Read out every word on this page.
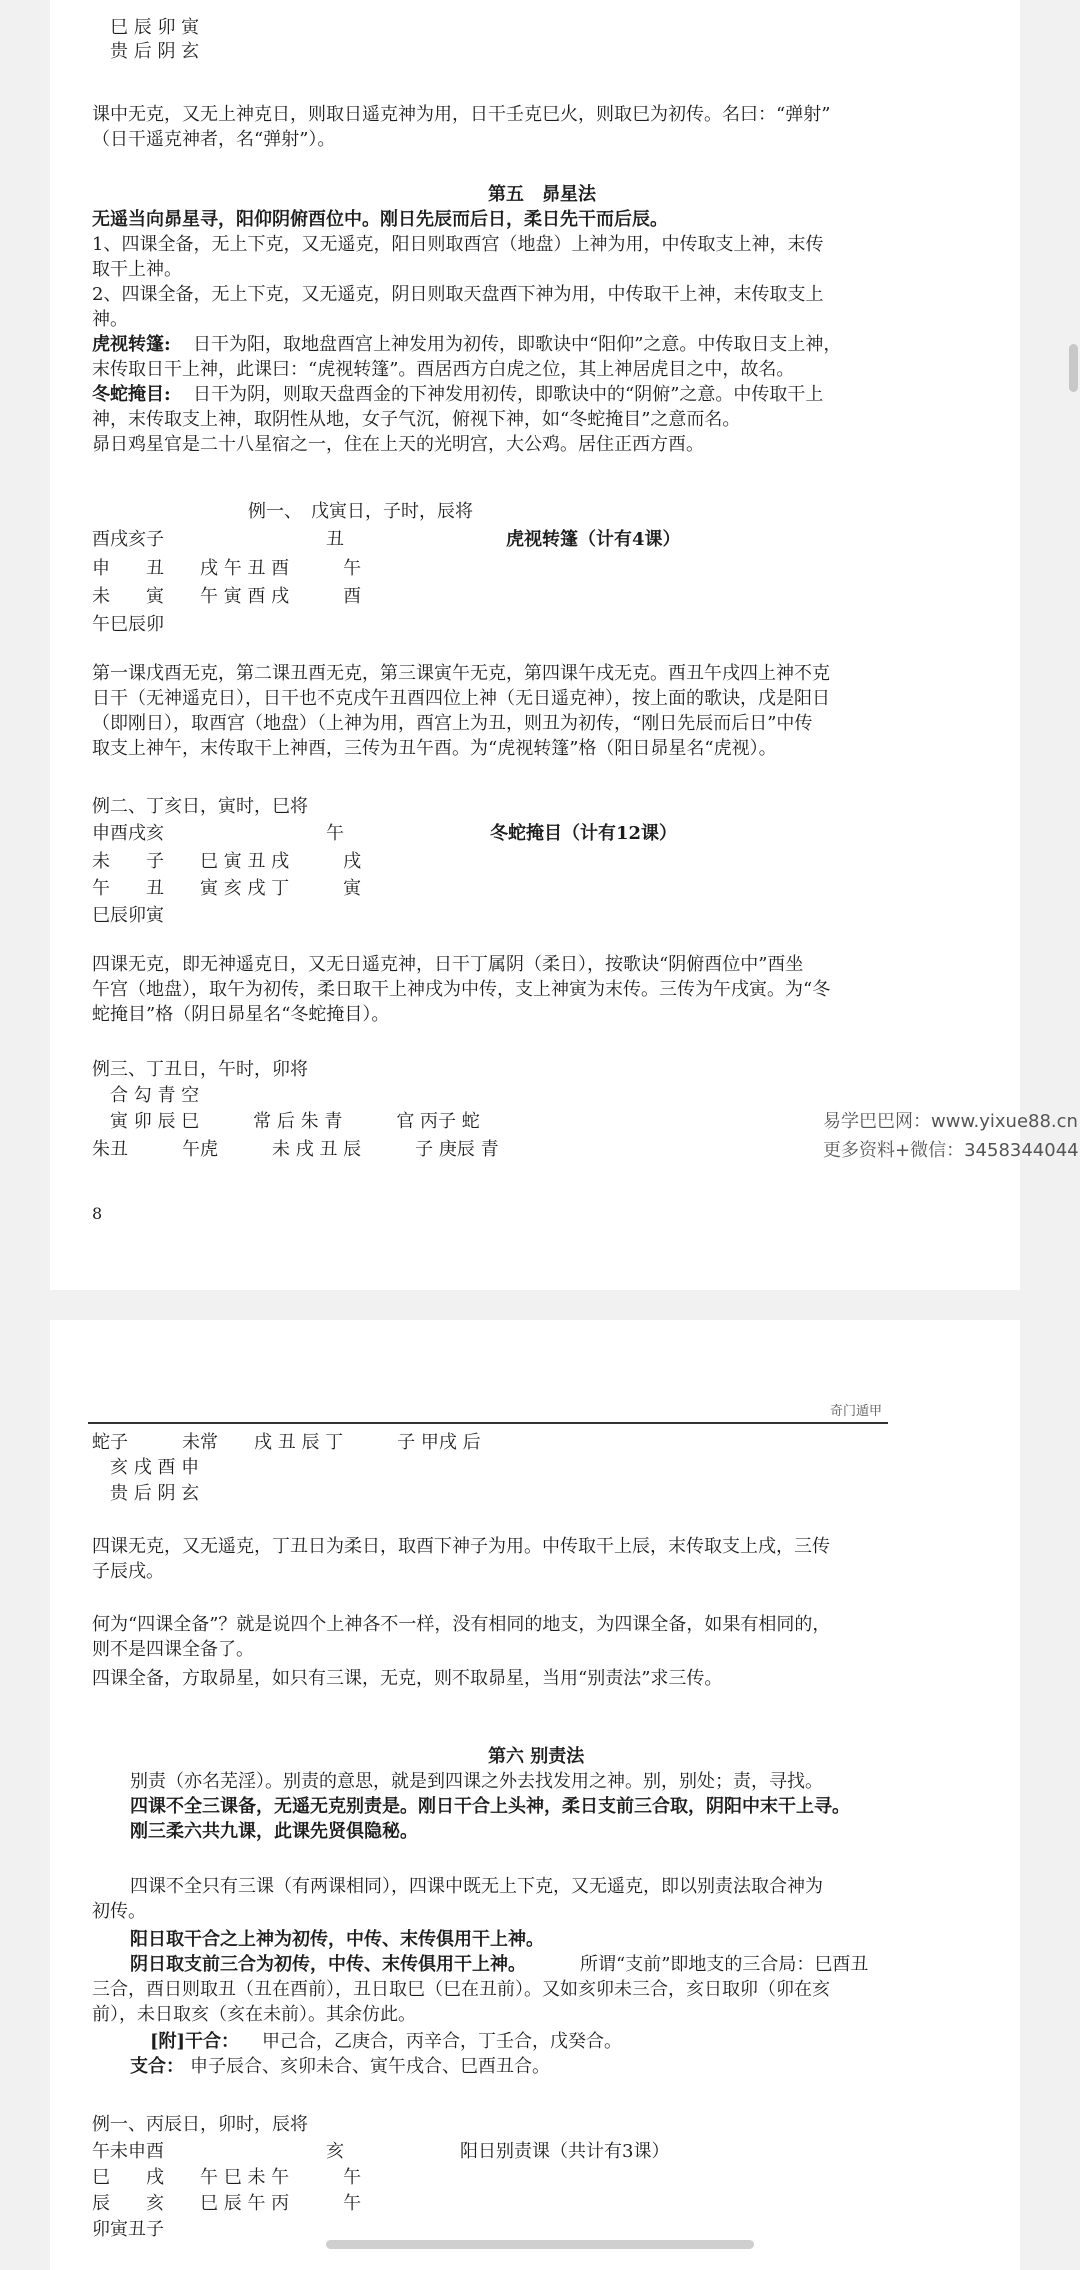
　巳 辰 卯 寅

　贵 后 阴 玄

课中无克，又无上神克日，则取日遥克神为用，日干壬克巳火，则取巳为初传。名曰：“弹射”

（日干遥克神者，名“弹射”）。

第五　昴星法

无遥当向昴星寻，阳仰阴俯酉位中。刚日先辰而后日，柔日先干而后辰。

1、四课全备，无上下克，又无遥克，阳日则取酉宫（地盘）上神为用，中传取支上神，末传

取干上神。

2、四课全备，无上下克，又无遥克，阴日则取天盘酉下神为用，中传取干上神，末传取支上

神。

虎视转篷: 日干为阳，取地盘酉宫上神发用为初传，即歌诀中“阳仰”之意。中传取日支上神，

末传取日干上神，此课曰：“虎视转篷”。酉居西方白虎之位，其上神居虎目之中，故名。

冬蛇掩目: 日干为阴，则取天盘酉金的下神发用初传，即歌诀中的“阴俯”之意。中传取干上

神，末传取支上神，取阴性从地，女子气沉，俯视下神，如“冬蛇掩目”之意而名。

昴日鸡星官是二十八星宿之一，住在上天的光明宫，大公鸡。居住正西方酉。

例一、　戊寅日，子时，辰将

酉戌亥子　　　　　　　　　丑	虎视转篷（计有4课）

申　　丑　　戌 午 丑 酉　　　午

未　　寅　　午 寅 酉 戌　　　酉

午巳辰卯

第一课戊酉无克，第二课丑酉无克，第三课寅午无克，第四课午戌无克。酉丑午戌四上神不克

日干（无神遥克日），日干也不克戌午丑酉四位上神（无日遥克神），按上面的歌诀，戊是阳日

（即刚日），取酉宫（地盘）（上神为用，酉宫上为丑，则丑为初传，“刚日先辰而后日”中传

取支上神午，末传取干上神酉，三传为丑午酉。为“虎视转篷”格（阳日昴星名“虎视）。

例二、丁亥日，寅时，巳将

申酉戌亥　　　　　　　　　午	冬蛇掩目（计有12课）

未　　子　　巳 寅 丑 戌　　　戌

午　　丑　　寅 亥 戌 丁　　　寅

巳辰卯寅

四课无克，即无神遥克日，又无日遥克神，日干丁属阴（柔日），按歌诀“阴俯酉位中”酉坐

午宫（地盘），取午为初传，柔日取干上神戌为中传，支上神寅为末传。三传为午戌寅。为“冬

蛇掩目”格（阴日昴星名“冬蛇掩目）。

例三、丁丑日，午时，卯将

　合 勾 青 空

　寅 卯 辰 巳　　　常 后 朱 青　　　官 丙子 蛇

朱丑　　　午虎　　　未 戌 丑 辰　　　子 庚辰 青

8

易学巴巴网：www.yixue88.cn
更多资料+微信：3458344044
奇门遁甲

蛇子　　　未常　　戌 丑 辰 丁　　　子 甲戌 后

　亥 戌 酉 申

　贵 后 阴 玄

四课无克，又无遥克，丁丑日为柔日，取酉下神子为用。中传取干上辰，末传取支上戌，三传

子辰戌。

何为“四课全备”？就是说四个上神各不一样，没有相同的地支，为四课全备，如果有相同的，

则不是四课全备了。

四课全备，方取昴星，如只有三课，无克，则不取昴星，当用“别责法”求三传。

第六 别责法

别责（亦名芜淫）。别责的意思，就是到四课之外去找发用之神。别，别处；责，寻找。

四课不全三课备，无遥无克别责是。刚日干合上头神，柔日支前三合取，阴阳中末干上寻。

刚三柔六共九课，此课先贤俱隐秘。

四课不全只有三课（有两课相同），四课中既无上下克，又无遥克，即以别责法取合神为

初传。

阳日取干合之上神为初传，中传、末传俱用干上神。

阴日取支前三合为初传，中传、末传俱用干上神。	所谓“支前”即地支的三合局：巳酉丑

三合，酉日则取丑（丑在酉前），丑日取巳（巳在丑前）。又如亥卯未三合，亥日取卯（卯在亥

前），未日取亥（亥在未前）。其余仿此。

[附]干合： 甲己合，乙庚合，丙辛合，丁壬合，戊癸合。

支合： 申子辰合、亥卯未合、寅午戌合、巳酉丑合。

例一、丙辰日，卯时，辰将

午未申酉　　　　　　　　　亥	阳日别责课（共计有3课）

巳　　戌　　午 巳 未 午　　　午

辰　　亥　　巳 辰 午 丙　　　午

卯寅丑子
